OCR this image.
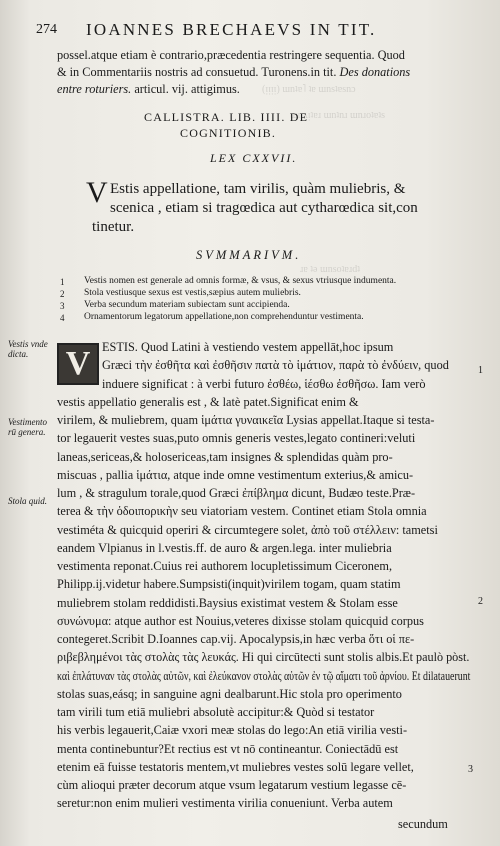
(ᴉᴉᴉᴉ) ɯnʇɐ˥ ʇɐ ɯnsʇɐsnɔ
ɯnʌᴉʇɐɹ ɯnʇnɹ ɯnɹoʇɐʇs
ɹɐ ʇǝ ɯnsoʇɐɹdʇ
274 IOANNES BRECHAEVS IN TIT.
possel.atque etiam è contrario,præcedentia restringere sequentia. Quod
& in Commentariis nostris ad consuetud. Turonens.in tit. Des donations
entre roturiers. articul. vij. attigimus.
CALLISTRA. LIB. IIII. DE
COGNITIONIB.
LEX CXXVII.
V Estis appellatione, tam virilis, quàm muliebris, &
scenica , etiam si tragœdica aut cytharœdica sit,con
tinetur.
SVMMARIVM.
1 Vestis nomen est generale ad omnis formæ, & vsus, & sexus vtriusque indumenta.
2 Stola vestiusque sexus est vestis,sæpius autem muliebris.
3 Verba secundum materiam subiectam sunt accipienda.
4 Ornamentorum legatorum appellatione,non comprehenduntur vestimenta.
Vestis vnde
dicta.
Vestimento
rū genera.
Stola quid.
1
2
3
V ESTIS. Quod Latini à vestiendo vestem appellāt,hoc ipsum
Græci τὴν ἐσθῆτα καὶ ἐσθῆσιν πατὰ τὸ ἱμάτιον, παρὰ τὸ ἐνδύειν, quod
induere significat : à verbi futuro ἐσθέω, ἱέσθω ἐσθῆσω. Iam verò
vestis appellatio generalis est , & latè patet.Significat enim &
virilem, & muliebrem, quam ἱμάτια γυναικεῖα Lysias appellat.Itaque si testa-
tor legauerit vestes suas,puto omnis generis vestes,legato contineri:veluti
laneas,sericeas,& holosericeas,tam insignes & splendidas quàm pro-
miscuas , pallia ἱμάτια, atque inde omne vestimentum exterius,& amicu-
lum , & stragulum torale,quod Græci ἐπίβλημα dicunt, Budæo teste.Præ-
terea & τὴν ὁδοιπορικὴν seu viatoriam vestem. Continet etiam Stola omnia
vestiméta & quicquid operiri & circumtegere solet, ἀπὸ τοῦ στέλλειν: tametsi
eandem Vlpianus in l.vestis.ff. de auro & argen.lega. inter muliebria
vestimenta reponat.Cuius rei authorem locupletissimum Ciceronem,
Philipp.ij.videtur habere.Sumpsisti(inquit)virilem togam, quam statim
muliebrem stolam reddidisti.Baysius existimat vestem & Stolam esse
συνώνυμα: atque author est Nouius,veteres dixisse stolam quicquid corpus
contegeret.Scribit D.Ioannes cap.vij. Apocalypsis,in hæc verba ὅτι οἱ πε-
ριβεβλημένοι τὰς στολὰς τὰς λευκάς. Hi qui circūtecti sunt stolis albis.Et paulò pòst.
καὶ ἐπλάτυναν τὰς στολὰς αὐτῶν, καὶ ἐλεύκανον στολὰς αὐτῶν ἐν τῷ αἵματι τοῦ ἀρνίου. Et dilatauerunt
stolas suas,eásq; in sanguine agni dealbarunt.Hic stola pro operimento
tam virili tum etiā muliebri absolutè accipitur:& Quòd si testator
his verbis legauerit,Caiæ vxori meæ stolas do lego:An etiā virilia vesti-
menta continebuntur?Et rectius est vt nō contineantur. Coniectādū est
etenim eā fuisse testatoris mentem,vt muliebres vestes solū legare vellet,
cùm alioqui præter decorum atque vsum legatarum vestium legasse cē-
seretur:non enim mulieri vestimenta virilia conueniunt. Verba autem
secundum
